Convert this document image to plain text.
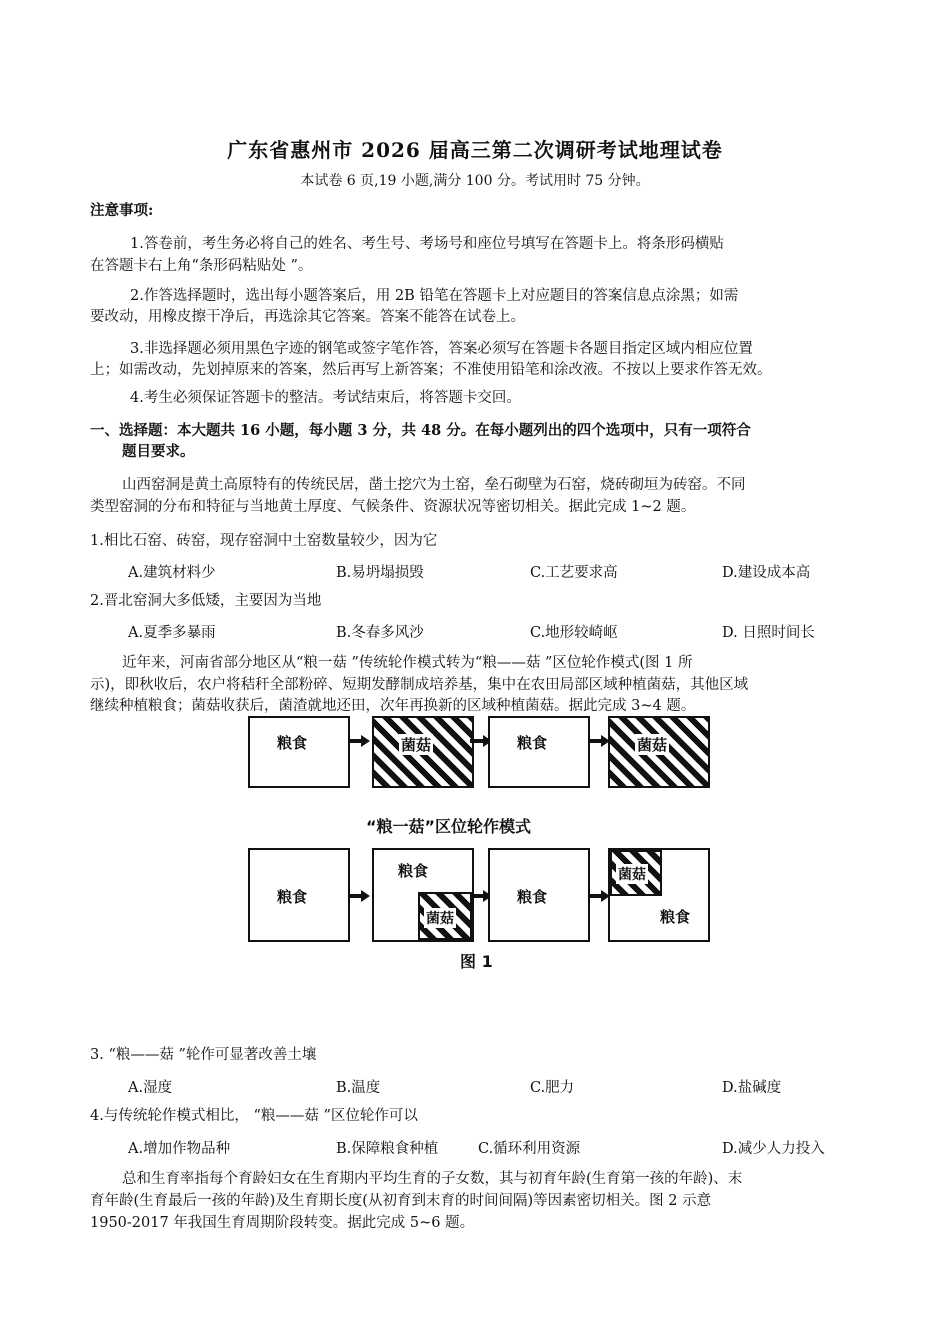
广东省惠州市 2026 届高三第二次调研考试地理试卷
本试卷 6 页,19 小题,满分 100 分。考试用时 75 分钟。
注意事项:
1.答卷前，考生务必将自己的姓名、考生号、考场号和座位号填写在答题卡上。将条形码横贴
在答题卡右上角“条形码粘贴处 ”。
2.作答选择题时，选出每小题答案后，用 2B 铅笔在答题卡上对应题目的答案信息点涂黑；如需
要改动，用橡皮擦干净后，再选涂其它答案。答案不能答在试卷上。
3.非选择题必须用黑色字迹的钢笔或签字笔作答，答案必须写在答题卡各题目指定区域内相应位置
上；如需改动，先划掉原来的答案，然后再写上新答案；不准使用铅笔和涂改液。不按以上要求作答无效。
4.考生必须保证答题卡的整洁。考试结束后，将答题卡交回。
一、选择题：本大题共 16 小题，每小题 3 分，共 48 分。在每小题列出的四个选项中，只有一项符合
题目要求。
山西窑洞是黄土高原特有的传统民居，凿土挖穴为土窑，垒石砌壁为石窑，烧砖砌垣为砖窑。不同
类型窑洞的分布和特征与当地黄土厚度、气候条件、资源状况等密切相关。据此完成 1~2 题。
1.相比石窑、砖窑，现存窑洞中土窑数量较少，因为它
A.建筑材料少	B.易坍塌损毁	C.工艺要求高	D.建设成本高
2.晋北窑洞大多低矮，主要因为当地
A.夏季多暴雨	B.冬春多风沙	C.地形较崎岖	D. 日照时间长
近年来，河南省部分地区从“粮一菇 ”传统轮作模式转为“粮——菇 ”区位轮作模式(图 1 所
示)，即秋收后，农户将秸秆全部粉碎、短期发酵制成培养基，集中在农田局部区域种植菌菇，其他区域
继续种植粮食；菌菇收获后，菌渣就地还田，次年再换新的区域种植菌菇。据此完成 3~4 题。
粮食	菌菇	粮食	菌菇
“粮一菇”区位轮作模式
粮食
粮食
菌菇
粮食
菌菇
粮食
图 1
3. “粮——菇 ”轮作可显著改善土壤
A.湿度	B.温度	C.肥力	D.盐碱度
4.与传统轮作模式相比， “粮——菇 ”区位轮作可以
A.增加作物品种	B.保障粮食种植	C.循环利用资源	D.减少人力投入
总和生育率指每个育龄妇女在生育期内平均生育的子女数，其与初育年龄(生育第一孩的年龄)、末
育年龄(生育最后一孩的年龄)及生育期长度(从初育到末育的时间间隔)等因素密切相关。图 2 示意
1950-2017 年我国生育周期阶段转变。据此完成 5~6 题。
